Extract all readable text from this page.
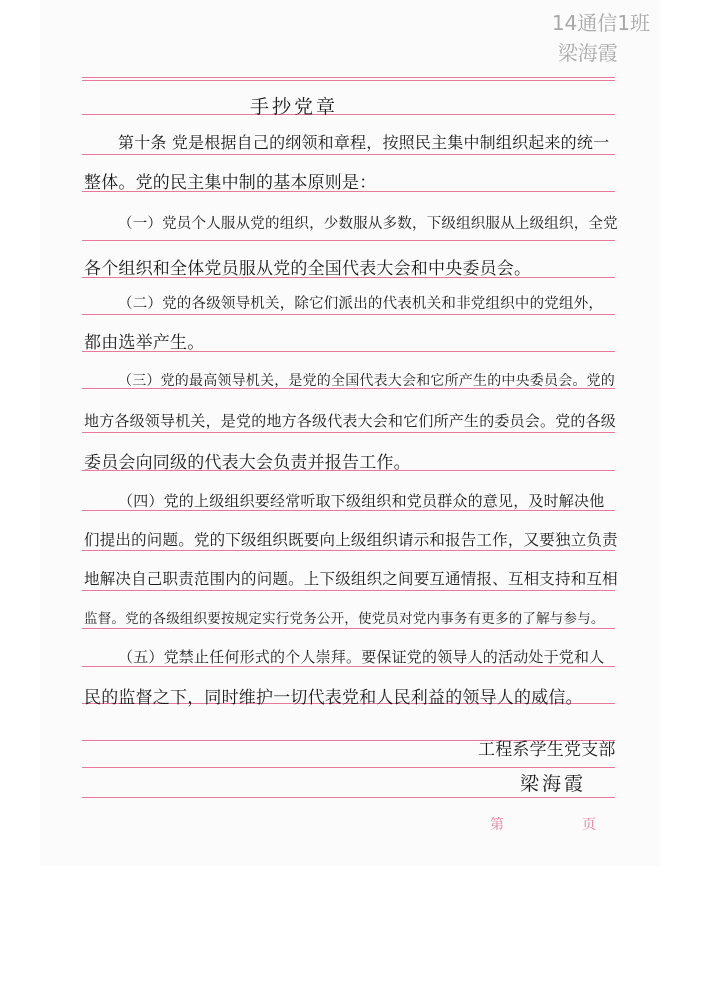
14通信1班
梁海霞
手抄党章
第十条 党是根据自己的纲领和章程，按照民主集中制组织起来的统一
整体。党的民主集中制的基本原则是：
（一）党员个人服从党的组织，少数服从多数，下级组织服从上级组织，全党
各个组织和全体党员服从党的全国代表大会和中央委员会。
（二）党的各级领导机关，除它们派出的代表机关和非党组织中的党组外，
都由选举产生。
（三）党的最高领导机关，是党的全国代表大会和它所产生的中央委员会。党的
地方各级领导机关，是党的地方各级代表大会和它们所产生的委员会。党的各级
委员会向同级的代表大会负责并报告工作。
（四）党的上级组织要经常听取下级组织和党员群众的意见，及时解决他
们提出的问题。党的下级组织既要向上级组织请示和报告工作，又要独立负责
地解决自己职责范围内的问题。上下级组织之间要互通情报、互相支持和互相
监督。党的各级组织要按规定实行党务公开，使党员对党内事务有更多的了解与参与。
（五）党禁止任何形式的个人崇拜。要保证党的领导人的活动处于党和人
民的监督之下，同时维护一切代表党和人民利益的领导人的威信。
工程系学生党支部
梁海霞
第	页
